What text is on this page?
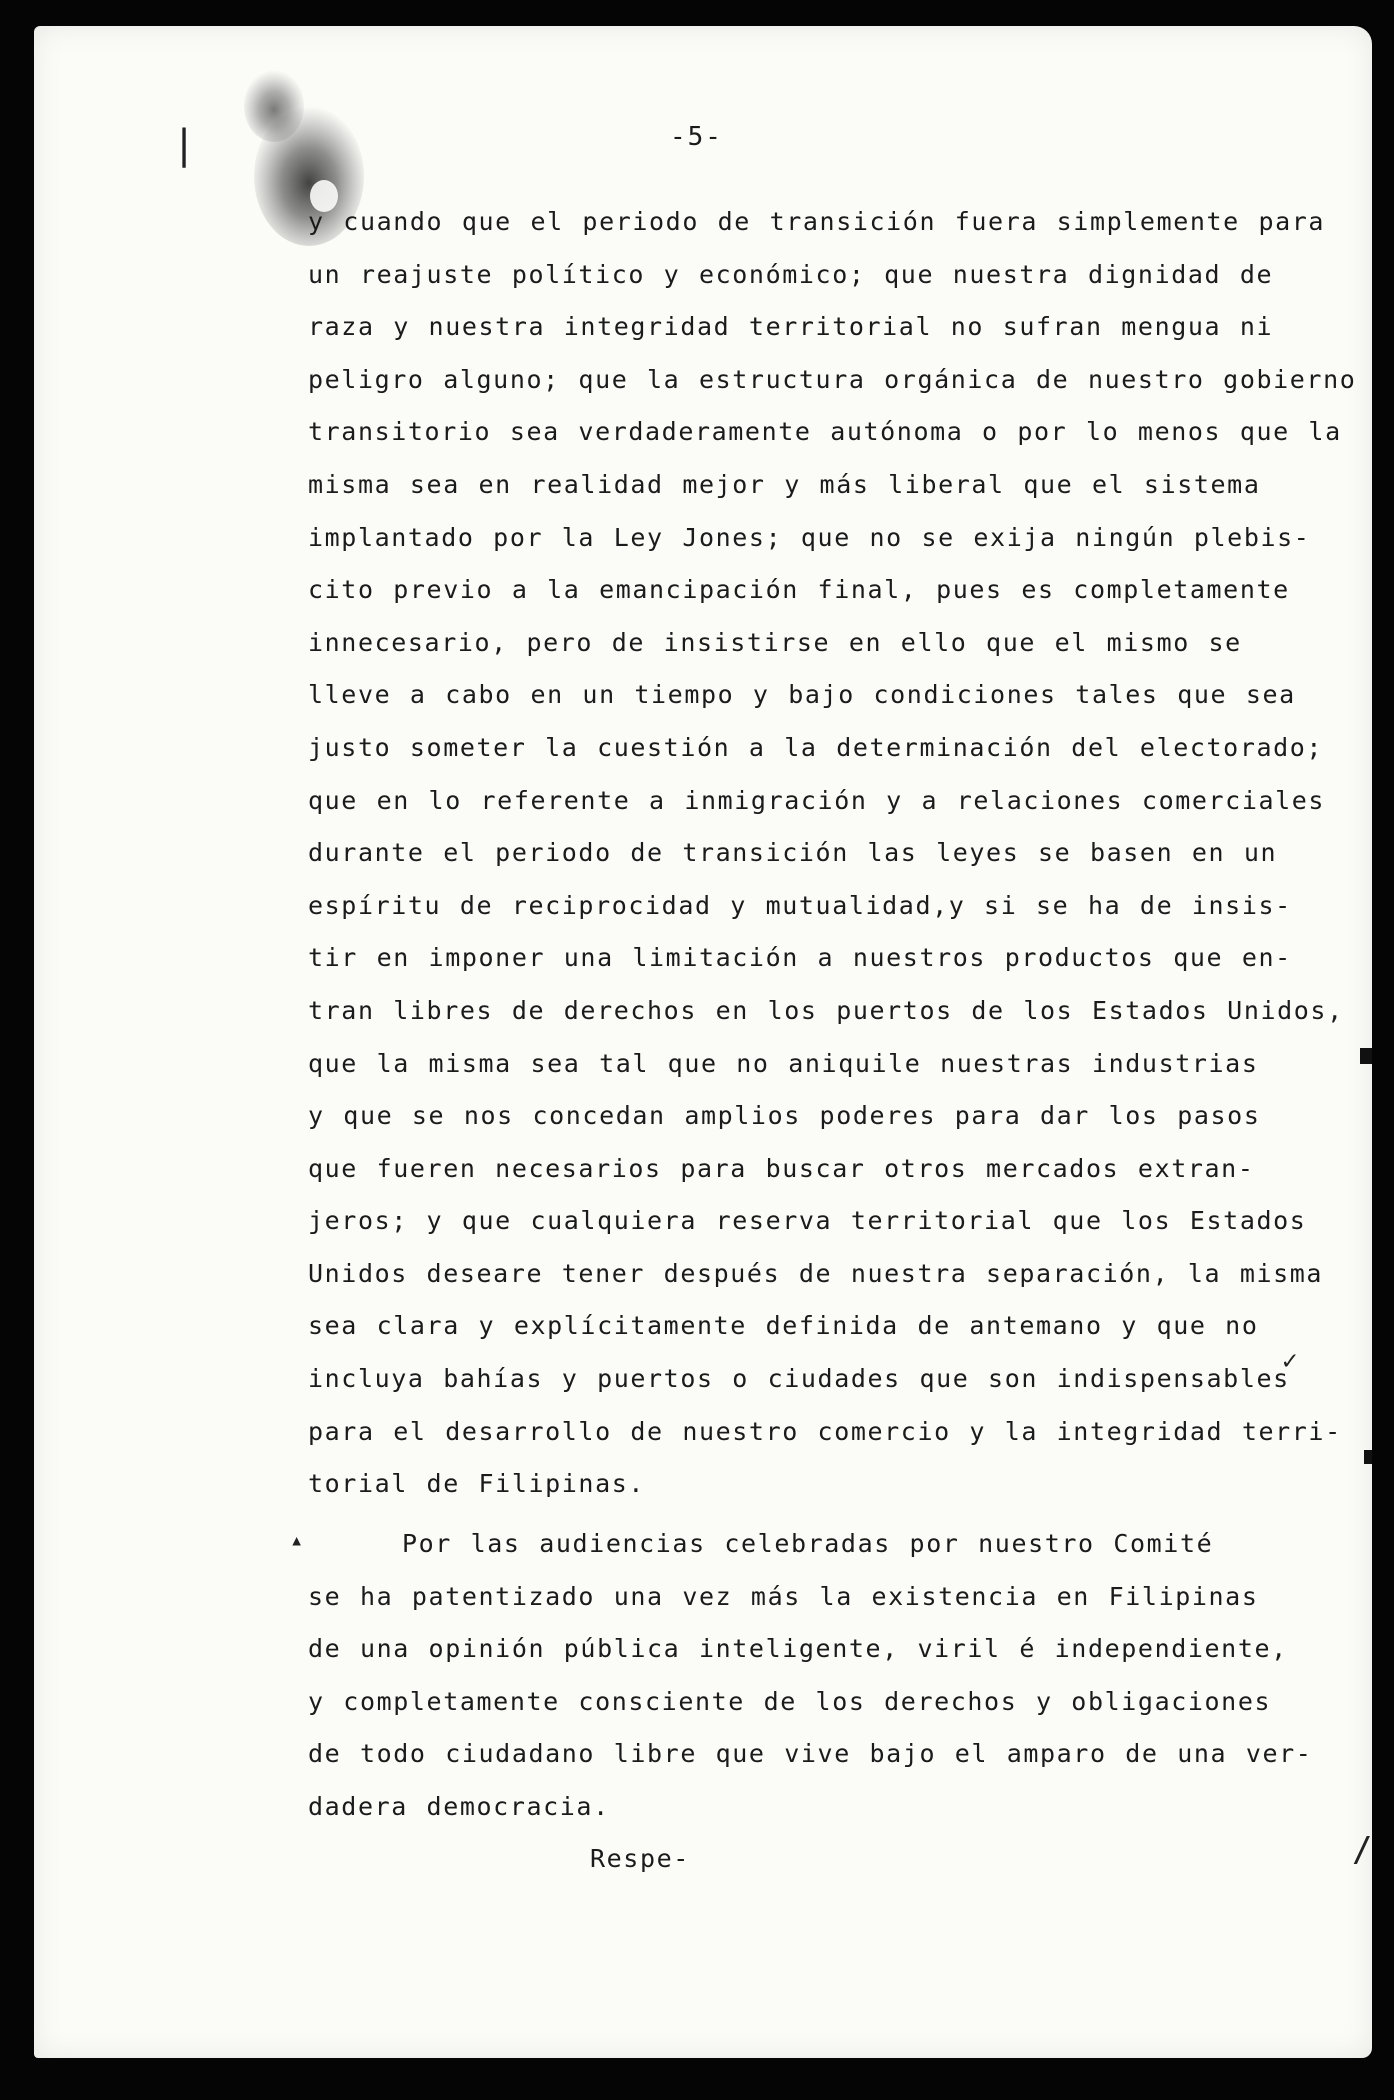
|	-5-
y cuando que el periodo de transición fuera simplemente para
un reajuste político y económico; que nuestra dignidad de
raza y nuestra integridad territorial no sufran mengua ni
peligro alguno; que la estructura orgánica de nuestro gobierno
transitorio sea verdaderamente autónoma o por lo menos que la
misma sea en realidad mejor y más liberal que el sistema
implantado por la Ley Jones; que no se exija ningún plebis-
cito previo a la emancipación final, pues es completamente
innecesario, pero de insistirse en ello que el mismo se
lleve a cabo en un tiempo y bajo condiciones tales que sea
justo someter la cuestión a la determinación del electorado;
que en lo referente a inmigración y a relaciones comerciales
durante el periodo de transición las leyes se basen en un
espíritu de reciprocidad y mutualidad,y si se ha de insis-
tir en imponer una limitación a nuestros productos que en-
tran libres de derechos en los puertos de los Estados Unidos,
que la misma sea tal que no aniquile nuestras industrias
y que se nos concedan amplios poderes para dar los pasos
que fueren necesarios para buscar otros mercados extran-
jeros; y que cualquiera reserva territorial que los Estados
Unidos deseare tener después de nuestra separación, la misma
sea clara y explícitamente definida de antemano y que no
incluya bahías y puertos o ciudades que son indispensables
para el desarrollo de nuestro comercio y la integridad terri-
torial de Filipinas.
Por las audiencias celebradas por nuestro Comité
se ha patentizado una vez más la existencia en Filipinas
de una opinión pública inteligente, viril é independiente,
y completamente consciente de los derechos y obligaciones
de todo ciudadano libre que vive bajo el amparo de una ver-
dadera democracia.
Respe-
▴
✓
/
